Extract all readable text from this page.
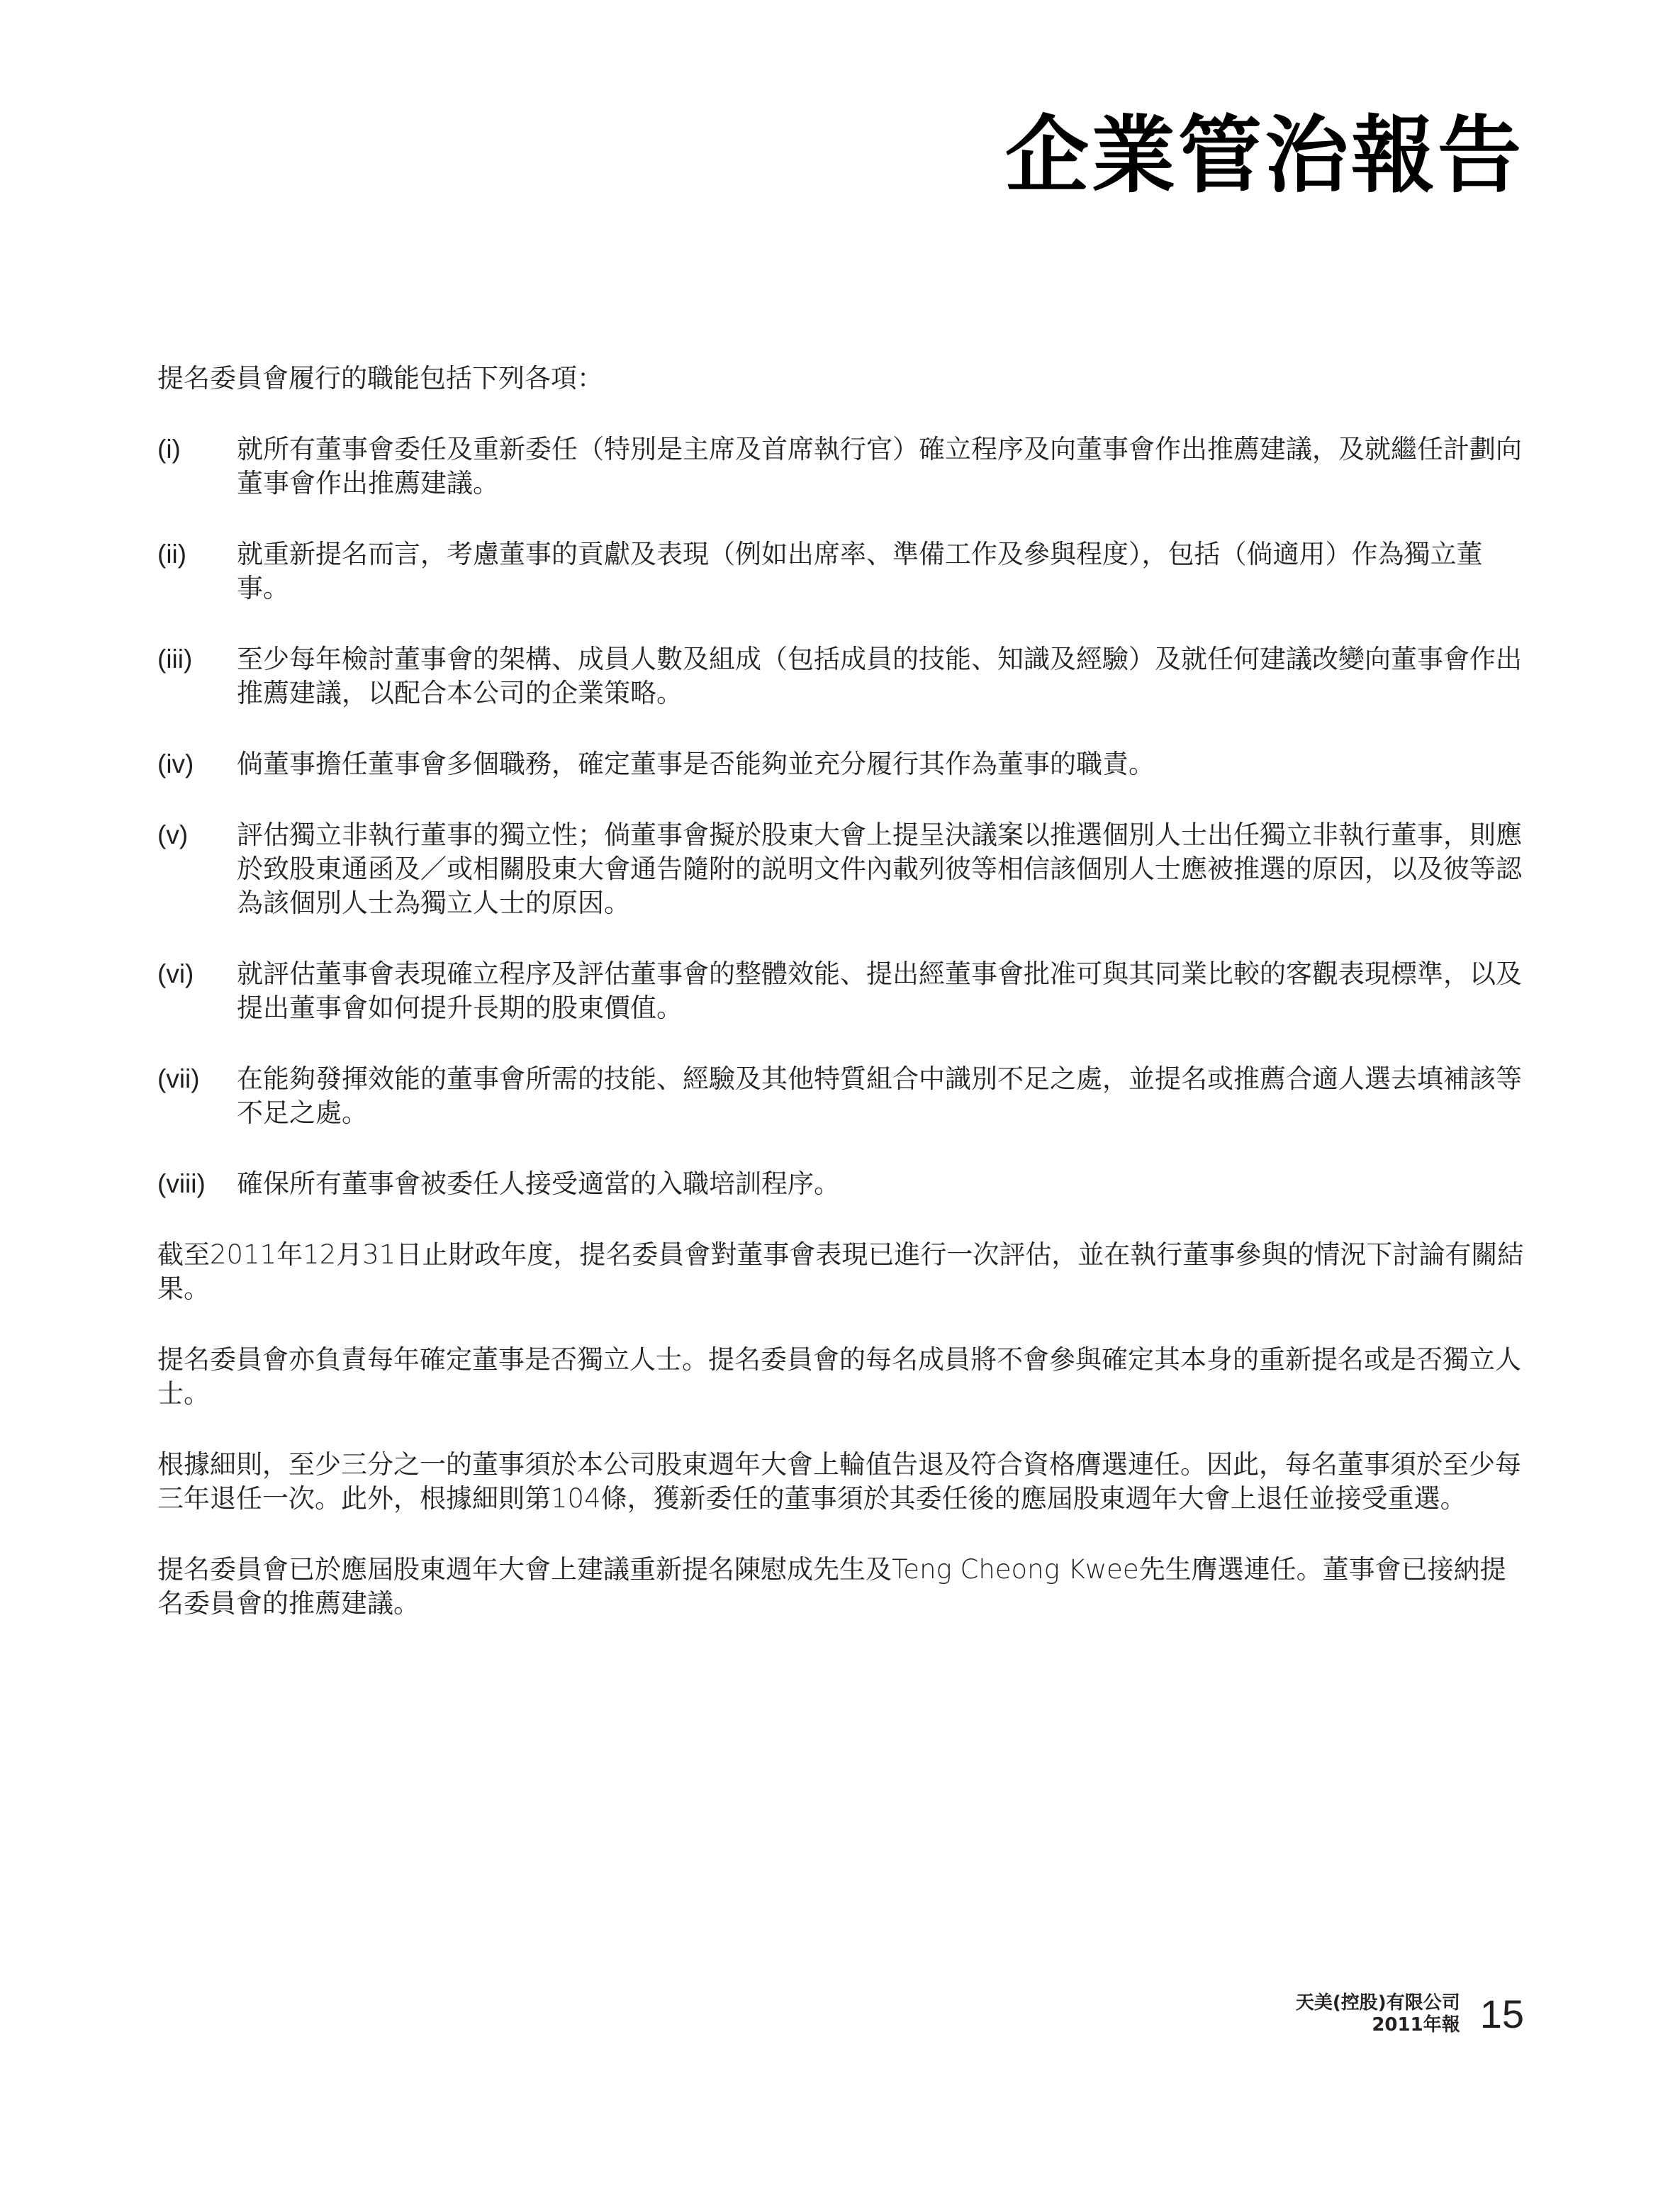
企業管治報告

提名委員會履行的職能包括下列各項：

(i)	就所有董事會委任及重新委任（特別是主席及首席執行官）確立程序及向董事會作出推薦建議，及就繼任計劃向董事會作出推薦建議。
(ii)	就重新提名而言，考慮董事的貢獻及表現（例如出席率、準備工作及參與程度），包括（倘適用）作為獨立董事。
(iii)	至少每年檢討董事會的架構、成員人數及組成（包括成員的技能、知識及經驗）及就任何建議改變向董事會作出推薦建議，以配合本公司的企業策略。
(iv)	倘董事擔任董事會多個職務，確定董事是否能夠並充分履行其作為董事的職責。
(v)	評估獨立非執行董事的獨立性；倘董事會擬於股東大會上提呈決議案以推選個別人士出任獨立非執行董事，則應於致股東通函及／或相關股東大會通告隨附的説明文件內載列彼等相信該個別人士應被推選的原因，以及彼等認為該個別人士為獨立人士的原因。
(vi)	就評估董事會表現確立程序及評估董事會的整體效能、提出經董事會批准可與其同業比較的客觀表現標準，以及提出董事會如何提升長期的股東價值。
(vii)	在能夠發揮效能的董事會所需的技能、經驗及其他特質組合中識別不足之處，並提名或推薦合適人選去填補該等不足之處。
(viii)	確保所有董事會被委任人接受適當的入職培訓程序。

截至2011年12月31日止財政年度，提名委員會對董事會表現已進行一次評估，並在執行董事參與的情況下討論有關結果。

提名委員會亦負責每年確定董事是否獨立人士。提名委員會的每名成員將不會參與確定其本身的重新提名或是否獨立人士。

根據細則，至少三分之一的董事須於本公司股東週年大會上輪值告退及符合資格膺選連任。因此，每名董事須於至少每三年退任一次。此外，根據細則第104條，獲新委任的董事須於其委任後的應屆股東週年大會上退任並接受重選。

提名委員會已於應屆股東週年大會上建議重新提名陳慰成先生及Teng Cheong Kwee先生膺選連任。董事會已接納提名委員會的推薦建議。

天美(控股)有限公司
2011年報 15
